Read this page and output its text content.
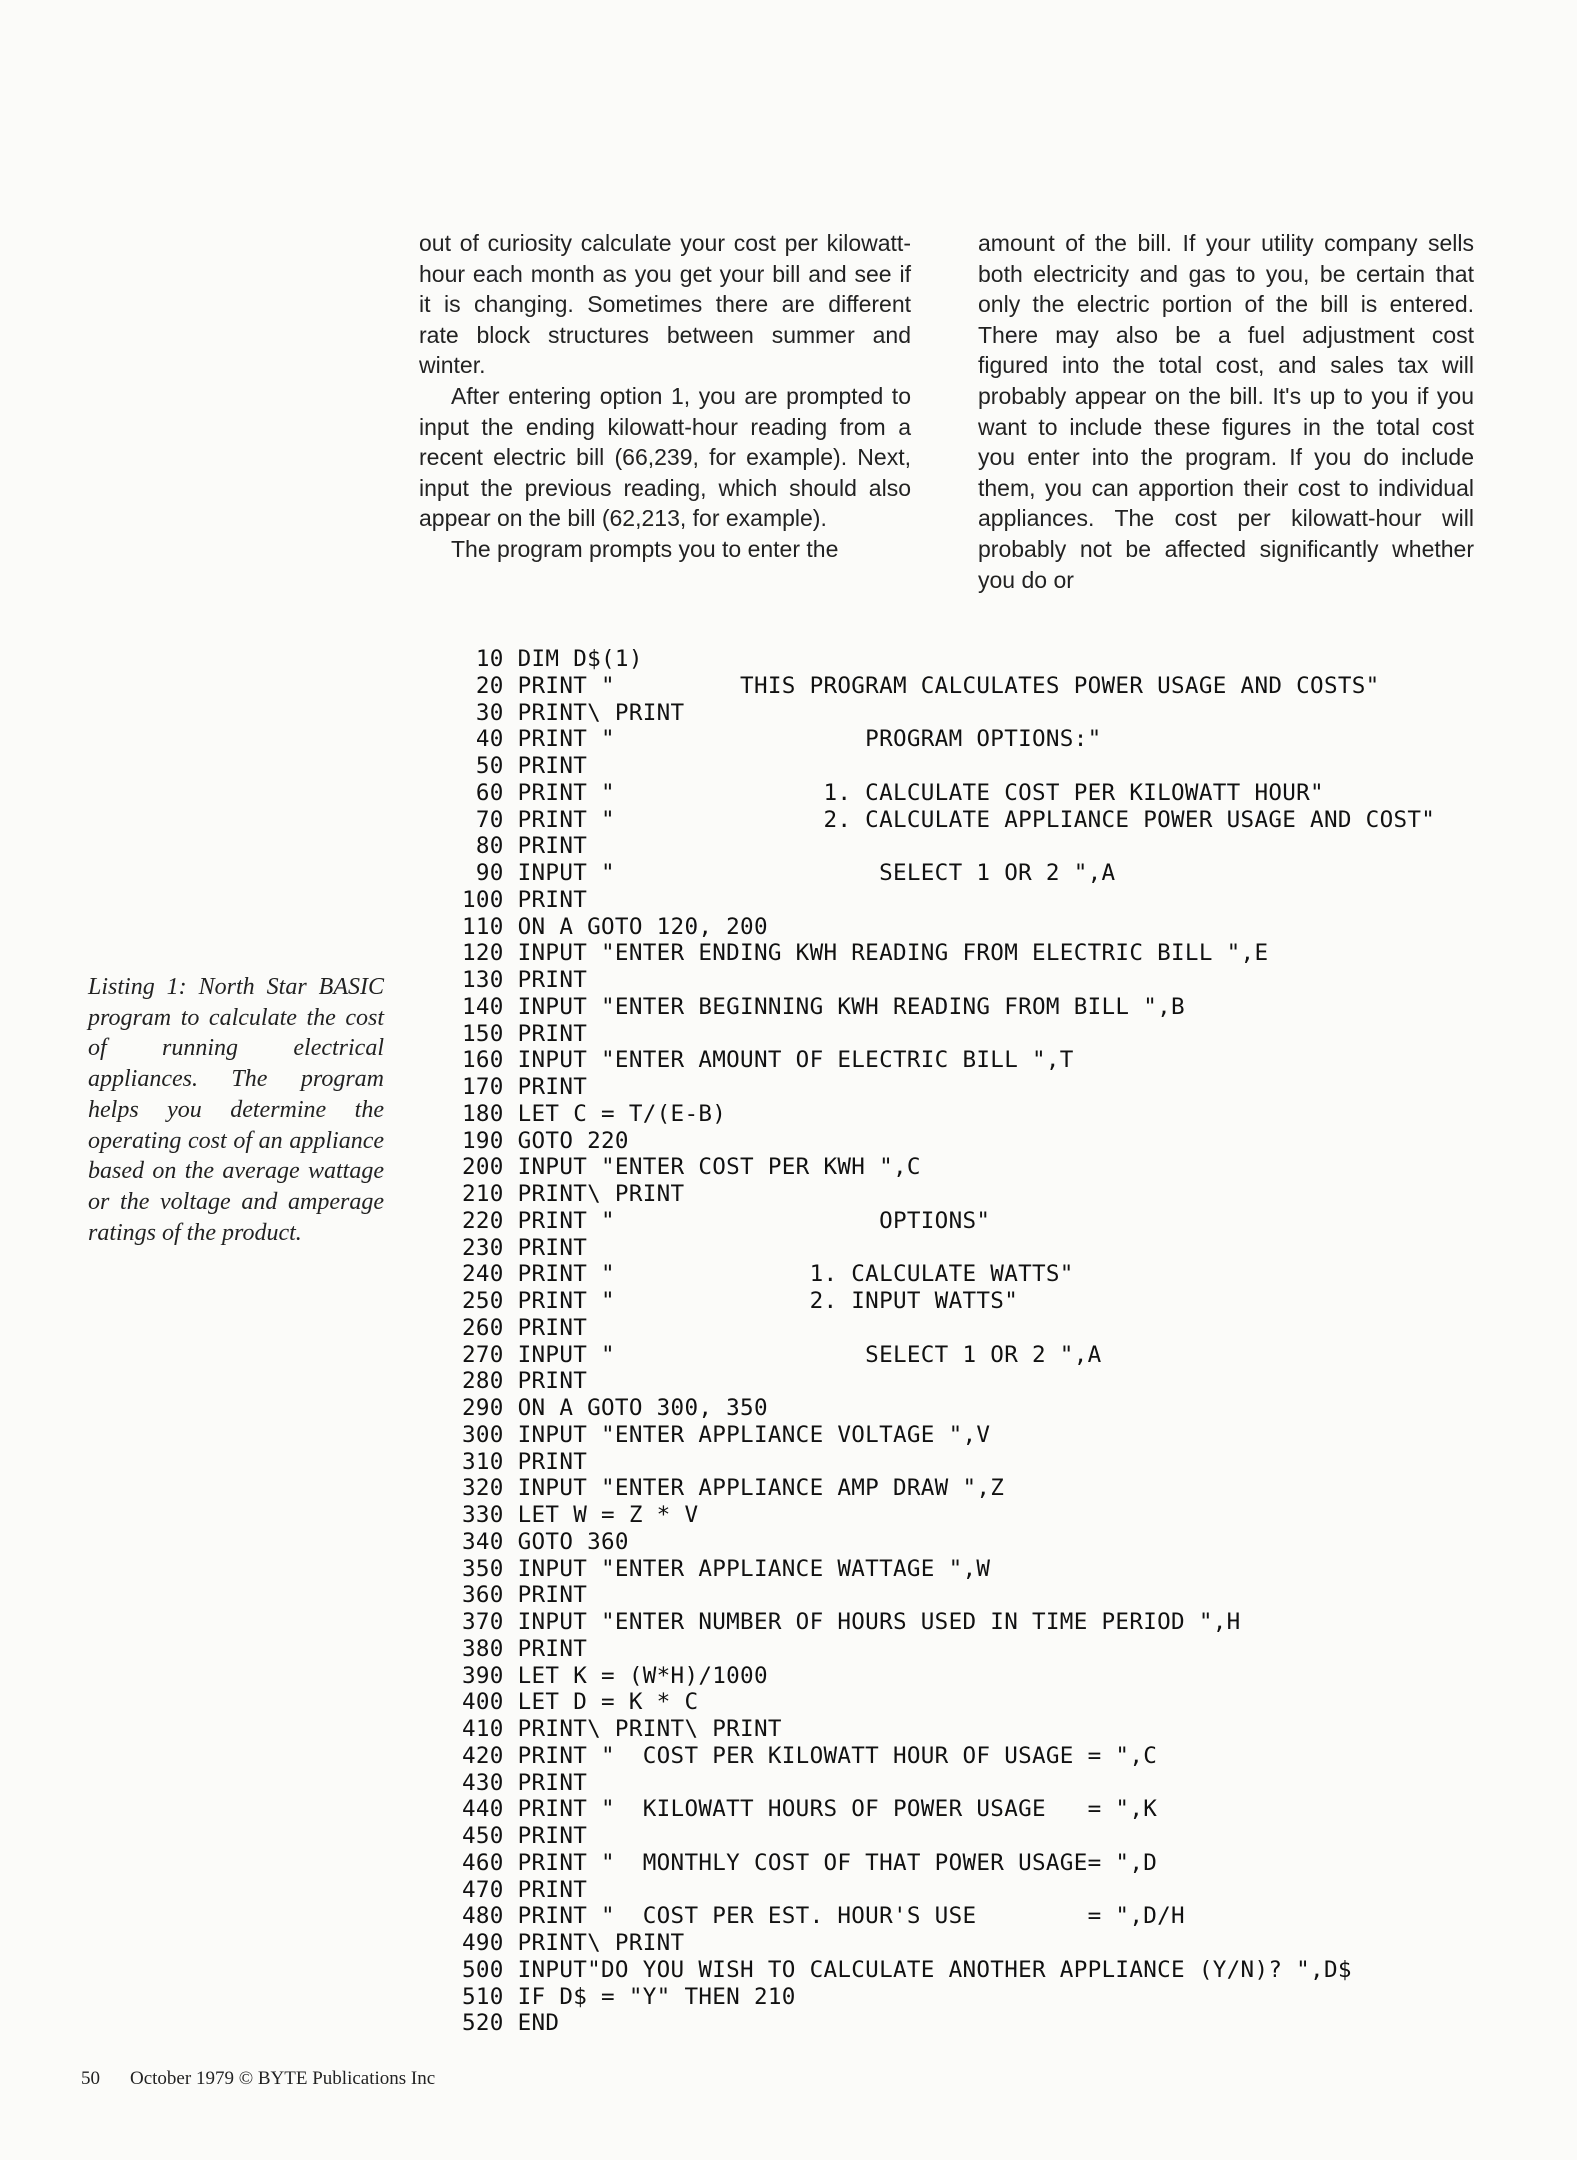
out of curiosity calculate your cost per kilowatt-hour each month as you get your bill and see if it is changing. Sometimes there are different rate block structures between summer and winter.

After entering option 1, you are prompted to input the ending kilowatt-hour reading from a recent electric bill (66,239, for example). Next, input the previous reading, which should also appear on the bill (62,213, for example).

The program prompts you to enter the

amount of the bill. If your utility company sells both electricity and gas to you, be certain that only the electric portion of the bill is entered. There may also be a fuel adjustment cost figured into the total cost, and sales tax will probably appear on the bill. It's up to you if you want to include these figures in the total cost you enter into the program. If you do include them, you can apportion their cost to individual appliances. The cost per kilowatt-hour will probably not be affected significantly whether you do or

Listing 1: North Star BASIC program to calculate the cost of running electrical appliances. The program helps you determine the operating cost of an appliance based on the average wattage or the voltage and amperage ratings of the product.
10 DIM D$(1)
20 PRINT "         THIS PROGRAM CALCULATES POWER USAGE AND COSTS"
30 PRINT\ PRINT
40 PRINT "                  PROGRAM OPTIONS:"
50 PRINT
60 PRINT "               1. CALCULATE COST PER KILOWATT HOUR"
70 PRINT "               2. CALCULATE APPLIANCE POWER USAGE AND COST"
80 PRINT
90 INPUT "                   SELECT 1 OR 2 ",A
100 PRINT
110 ON A GOTO 120, 200
120 INPUT "ENTER ENDING KWH READING FROM ELECTRIC BILL ",E
130 PRINT
140 INPUT "ENTER BEGINNING KWH READING FROM BILL ",B
150 PRINT
160 INPUT "ENTER AMOUNT OF ELECTRIC BILL ",T
170 PRINT
180 LET C = T/(E-B)
190 GOTO 220
200 INPUT "ENTER COST PER KWH ",C
210 PRINT\ PRINT
220 PRINT "                   OPTIONS"
230 PRINT
240 PRINT "              1. CALCULATE WATTS"
250 PRINT "              2. INPUT WATTS"
260 PRINT
270 INPUT "                  SELECT 1 OR 2 ",A
280 PRINT
290 ON A GOTO 300, 350
300 INPUT "ENTER APPLIANCE VOLTAGE ",V
310 PRINT
320 INPUT "ENTER APPLIANCE AMP DRAW ",Z
330 LET W = Z * V
340 GOTO 360
350 INPUT "ENTER APPLIANCE WATTAGE ",W
360 PRINT
370 INPUT "ENTER NUMBER OF HOURS USED IN TIME PERIOD ",H
380 PRINT
390 LET K = (W*H)/1000
400 LET D = K * C
410 PRINT\ PRINT\ PRINT
420 PRINT "  COST PER KILOWATT HOUR OF USAGE = ",C
430 PRINT
440 PRINT "  KILOWATT HOURS OF POWER USAGE   = ",K
450 PRINT
460 PRINT "  MONTHLY COST OF THAT POWER USAGE= ",D
470 PRINT
480 PRINT "  COST PER EST. HOUR'S USE        = ",D/H
490 PRINT\ PRINT
500 INPUT"DO YOU WISH TO CALCULATE ANOTHER APPLIANCE (Y/N)? ",D$
510 IF D$ = "Y" THEN 210
520 END
50 October 1979 © BYTE Publications Inc
